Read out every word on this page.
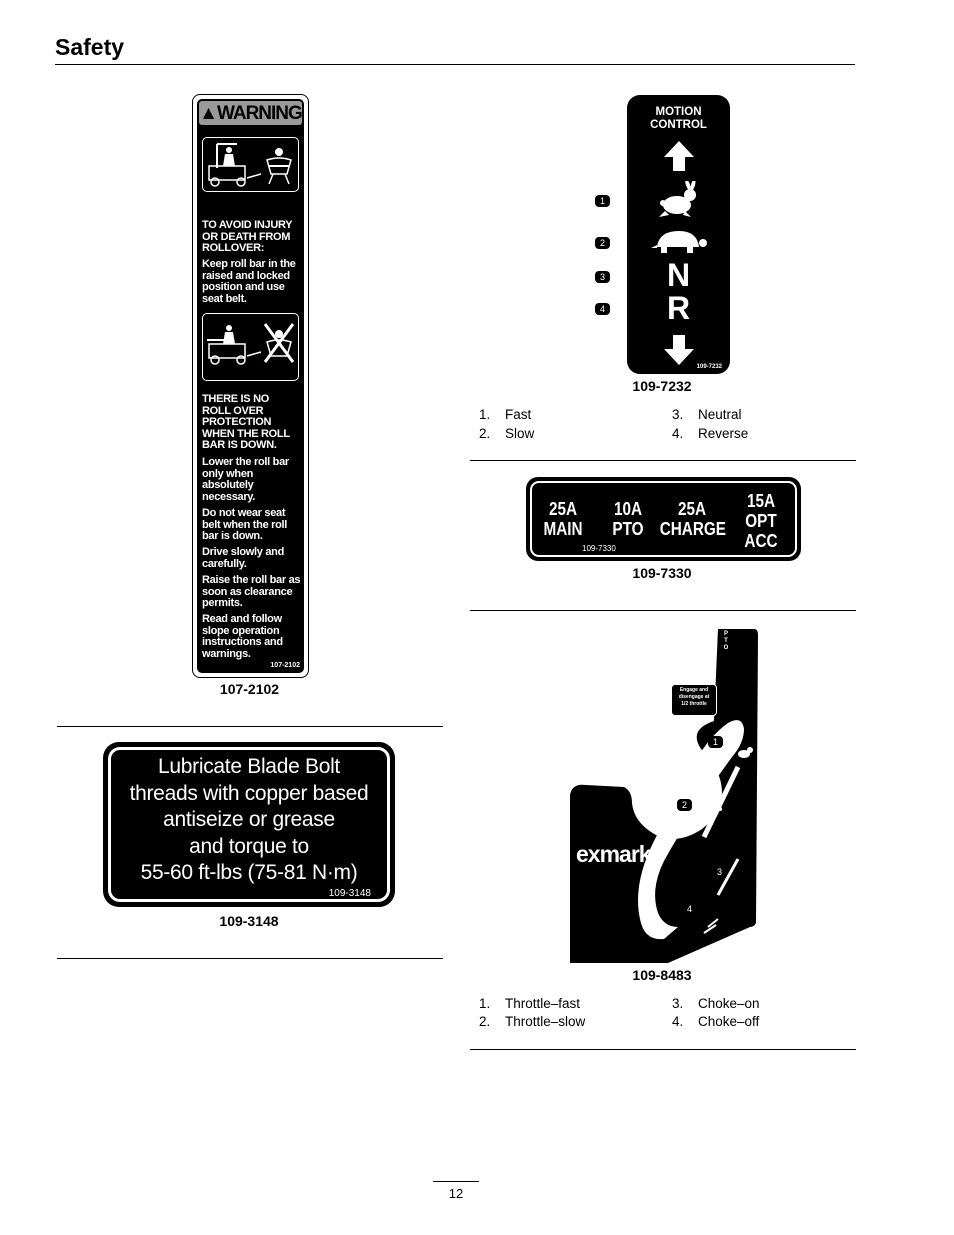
Safety
▲WARNING
TO AVOID INJURY
OR DEATH FROM
ROLLOVER:
Keep roll bar in the
raised and locked
position and use
seat belt.
THERE IS NO
ROLL OVER
PROTECTION
WHEN THE ROLL
BAR IS DOWN.
Lower the roll bar
only when
absolutely
necessary.
Do not wear seat
belt when the roll
bar is down.
Drive slowly and
carefully.
Raise the roll bar as
soon as clearance
permits.
Read and follow
slope operation
instructions and
warnings.
107-2102
107-2102
Lubricate Blade Bolt
threads with copper based
antiseize or grease
and torque to
55-60 ft-lbs (75-81 N·m)
109-3148
109-3148
MOTION
CONTROL
N
R
109-7232
1
2
3
4
109-7232
1. Fast
2. Slow
3. Neutral
4. Reverse
25A
MAIN
10A
PTO
25A
CHARGE
15A
OPT
ACC
109-7330
109-7330
P T O
Engage and
disengage at
1/2 throttle
exmark
1
2
3
4
109-8483
1. Throttle–fast
2. Throttle–slow
3. Choke–on
4. Choke–off
12
